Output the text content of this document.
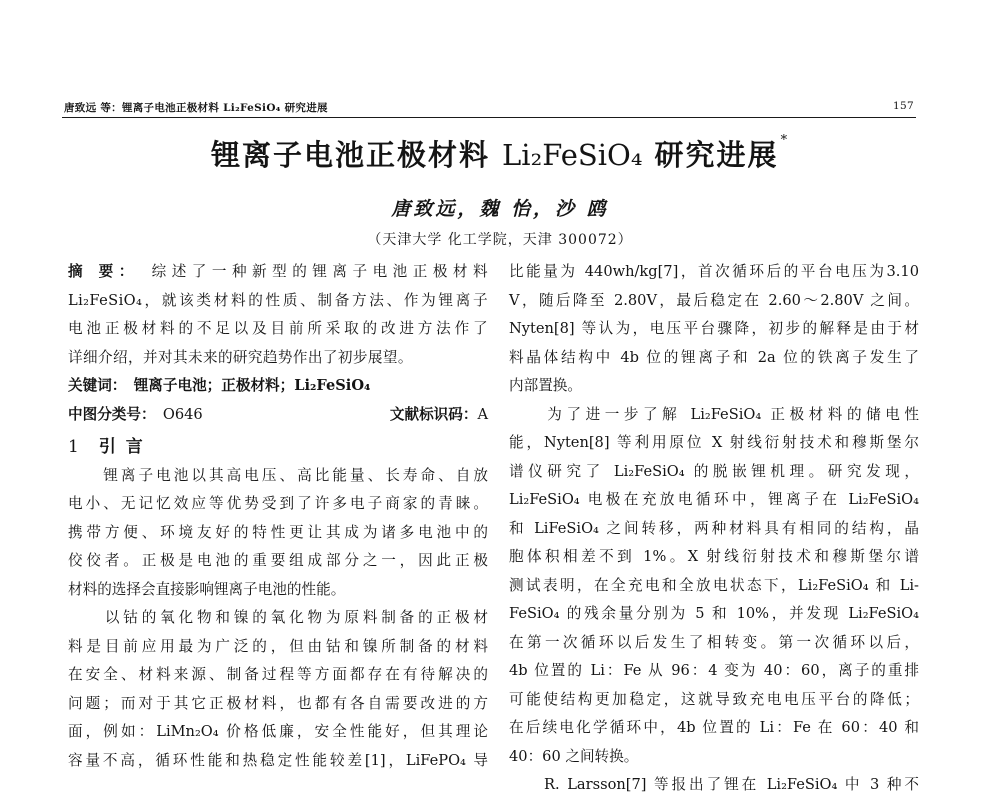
唐致远 等：锂离子电池正极材料 Li₂FeSiO₄ 研究进展	157
锂离子电池正极材料 Li₂FeSiO₄ 研究进展 *
唐致远，魏 怡，沙 鸥
（天津大学 化工学院，天津 300072）
摘 要：　 综述了一种新型的锂离子电池正极材料
Li₂FeSiO₄，就该类材料的性质、制备方法、作为锂离子
电池正极材料的不足以及目前所采取的改进方法作了
详细介绍，并对其未来的研究趋势作出了初步展望。
关键词：　 锂离子电池；正极材料；Li₂FeSiO₄
中图分类号：　 O646	文献标识码：A
1 引 言
　　锂离子电池以其高电压、高比能量、长寿命、自放
电小、无记忆效应等优势受到了许多电子商家的青睐。
携带方便、环境友好的特性更让其成为诸多电池中的
佼佼者。正极是电池的重要组成部分之一，因此正极
材料的选择会直接影响锂离子电池的性能。
　　以钴的氧化物和镍的氧化物为原料制备的正极材
料是目前应用最为广泛的，但由钴和镍所制备的材料
在安全、材料来源、制备过程等方面都存在有待解决的
问题；而对于其它正极材料，也都有各自需要改进的方
面，例如：LiMn₂O₄ 价格低廉，安全性能好，但其理论
容量不高，循环性能和热稳定性能较差[1]，LiFePO₄ 导
比能量为 440wh/kg[7]，首次循环后的平台电压为3.10
V，随后降至 2.80V，最后稳定在 2.60～2.80V 之间。
Nyten[8] 等认为，电压平台骤降，初步的解释是由于材
料晶体结构中 4b 位的锂离子和 2a 位的铁离子发生了
内部置换。
　　为了进一步了解 Li₂FeSiO₄ 正极材料的储电性
能，Nyten[8] 等利用原位 X 射线衍射技术和穆斯堡尔
谱仪研究了 Li₂FeSiO₄ 的脱嵌锂机理。研究发现，
Li₂FeSiO₄ 电极在充放电循环中，锂离子在 Li₂FeSiO₄
和 LiFeSiO₄ 之间转移，两种材料具有相同的结构，晶
胞体积相差不到 1%。X 射线衍射技术和穆斯堡尔谱
测试表明，在全充电和全放电状态下，Li₂FeSiO₄ 和 Li-
FeSiO₄ 的残余量分别为 5 和 10%，并发现 Li₂FeSiO₄
在第一次循环以后发生了相转变。第一次循环以后，
4b 位置的 Li：Fe 从 96：4 变为 40：60，离子的重排
可能使结构更加稳定，这就导致充电电压平台的降低；
在后续电化学循环中，4b 位置的 Li：Fe 在 60：40 和
40：60 之间转换。
　　R. Larsson[7] 等报出了锂在 Li₂FeSiO₄ 中 3 种不
